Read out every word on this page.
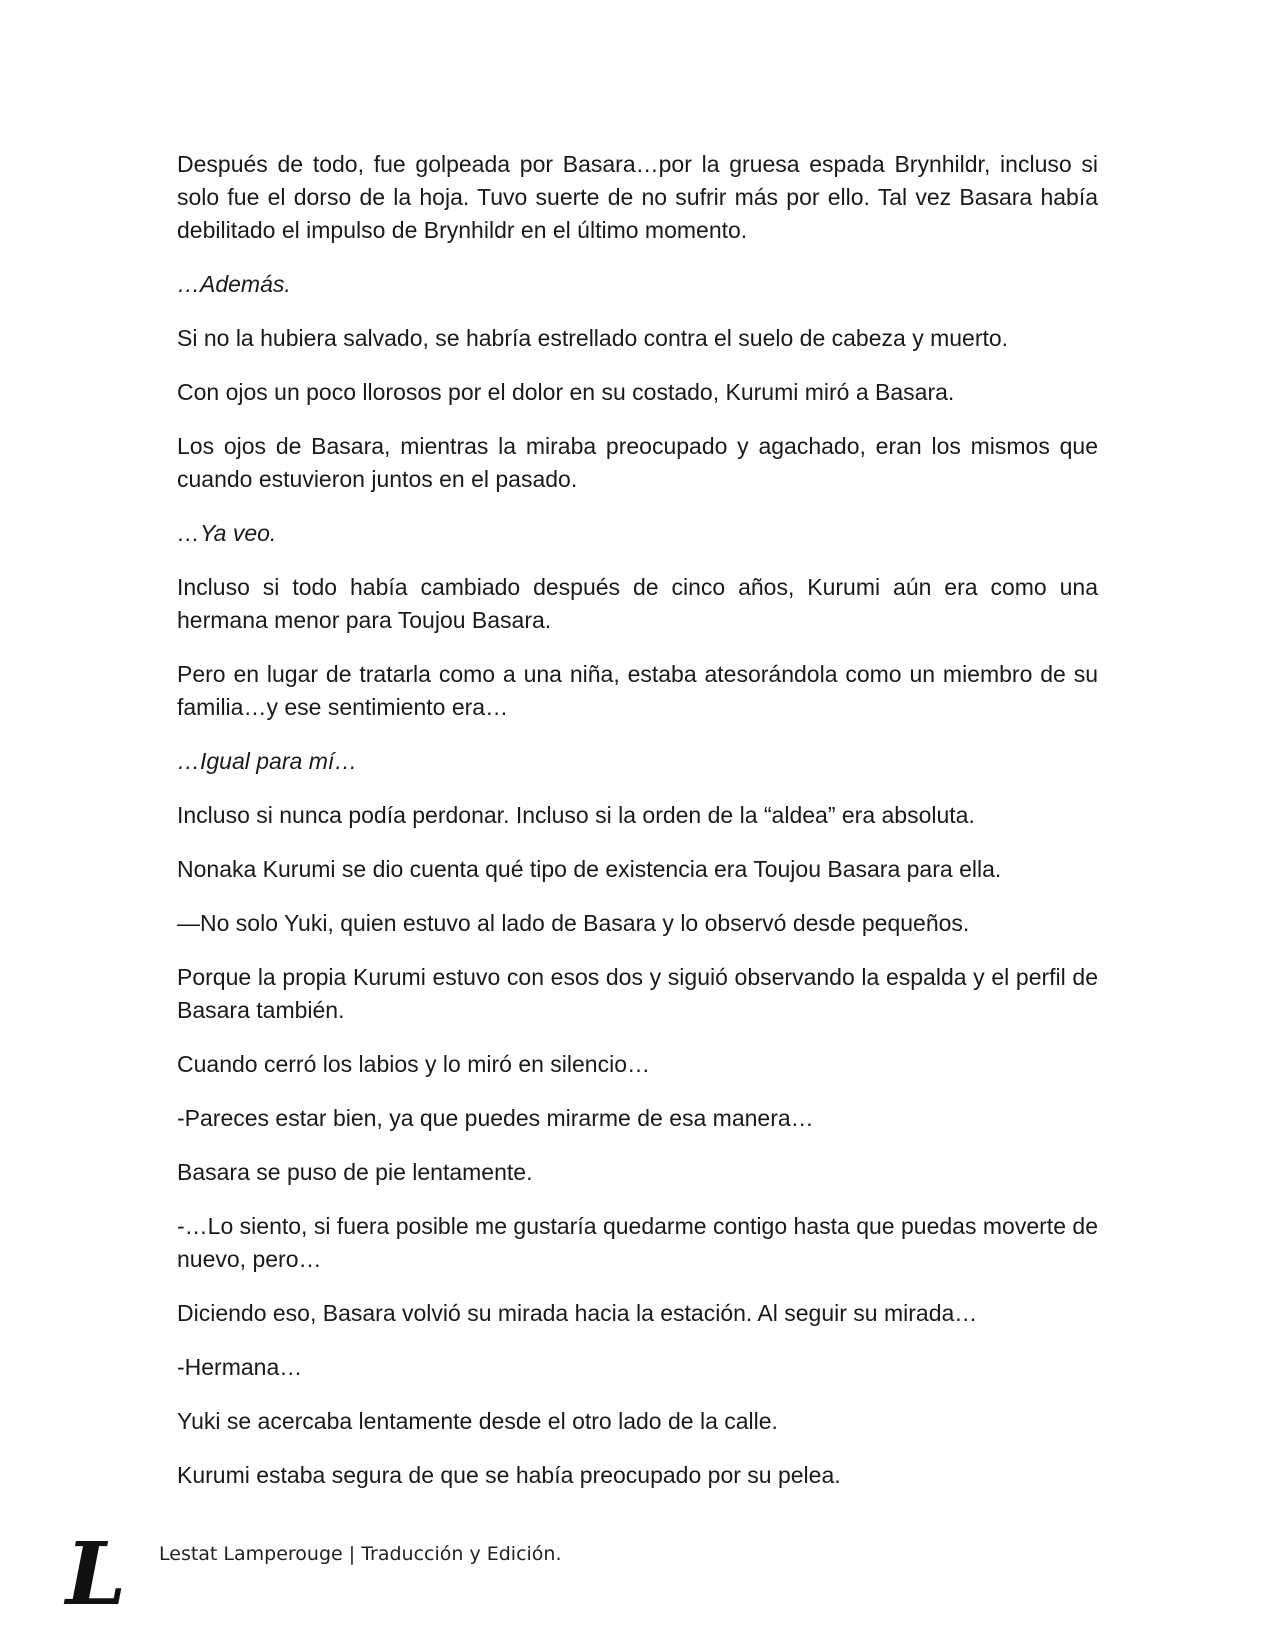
Después de todo, fue golpeada por Basara…por la gruesa espada Brynhildr, incluso si solo fue el dorso de la hoja. Tuvo suerte de no sufrir más por ello. Tal vez Basara había debilitado el impulso de Brynhildr en el último momento.

…Además.

Si no la hubiera salvado, se habría estrellado contra el suelo de cabeza y muerto.

Con ojos un poco llorosos por el dolor en su costado, Kurumi miró a Basara.

Los ojos de Basara, mientras la miraba preocupado y agachado, eran los mismos que cuando estuvieron juntos en el pasado.

…Ya veo.

Incluso si todo había cambiado después de cinco años, Kurumi aún era como una hermana menor para Toujou Basara.

Pero en lugar de tratarla como a una niña, estaba atesorándola como un miembro de su familia…y ese sentimiento era…

…Igual para mí…

Incluso si nunca podía perdonar. Incluso si la orden de la “aldea” era absoluta.

Nonaka Kurumi se dio cuenta qué tipo de existencia era Toujou Basara para ella.

—No solo Yuki, quien estuvo al lado de Basara y lo observó desde pequeños.

Porque la propia Kurumi estuvo con esos dos y siguió observando la espalda y el perfil de Basara también.

Cuando cerró los labios y lo miró en silencio…

-Pareces estar bien, ya que puedes mirarme de esa manera…

Basara se puso de pie lentamente.

-…Lo siento, si fuera posible me gustaría quedarme contigo hasta que puedas moverte de nuevo, pero…

Diciendo eso, Basara volvió su mirada hacia la estación. Al seguir su mirada…

-Hermana…

Yuki se acercaba lentamente desde el otro lado de la calle.

Kurumi estaba segura de que se había preocupado por su pelea.

L Lestat Lamperouge | Traducción y Edición.
